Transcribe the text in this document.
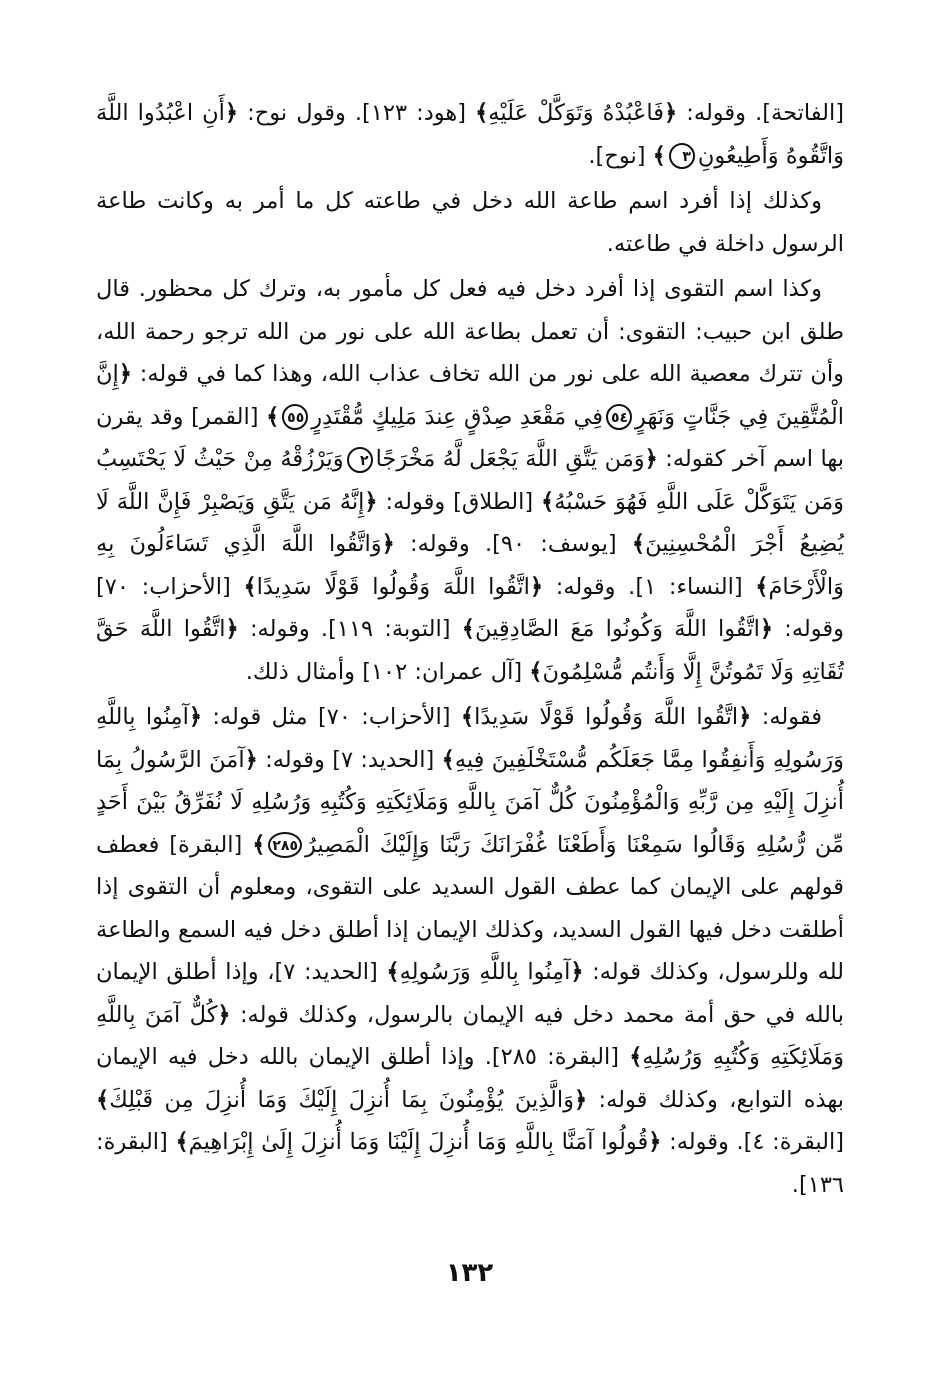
[الفاتحة]. وقوله: ﴿فَاعْبُدْهُ وَتَوَكَّلْ عَلَيْهِ﴾ [هود: ١٢٣]. وقول نوح: ﴿أَنِ اعْبُدُوا اللَّهَ وَاتَّقُوهُ وَأَطِيعُونِ٣﴾ [نوح].

وكذلك إذا أفرد اسم طاعة الله دخل في طاعته كل ما أمر به وكانت طاعة الرسول داخلة في طاعته.

وكذا اسم التقوى إذا أفرد دخل فيه فعل كل مأمور به، وترك كل محظور. قال طلق ابن حبيب: التقوى: أن تعمل بطاعة الله على نور من الله ترجو رحمة الله، وأن تترك معصية الله على نور من الله تخاف عذاب الله، وهذا كما في قوله: ﴿إِنَّ الْمُتَّقِينَ فِي جَنَّاتٍ وَنَهَرٍ٥٤فِي مَقْعَدِ صِدْقٍ عِندَ مَلِيكٍ مُّقْتَدِرٍ٥٥﴾ [القمر] وقد يقرن بها اسم آخر كقوله: ﴿وَمَن يَتَّقِ اللَّهَ يَجْعَل لَّهُ مَخْرَجًا٢وَيَرْزُقْهُ مِنْ حَيْثُ لَا يَحْتَسِبُ وَمَن يَتَوَكَّلْ عَلَى اللَّهِ فَهُوَ حَسْبُهُ﴾ [الطلاق] وقوله: ﴿إِنَّهُ مَن يَتَّقِ وَيَصْبِرْ فَإِنَّ اللَّهَ لَا يُضِيعُ أَجْرَ الْمُحْسِنِينَ﴾ [يوسف: ٩٠]. وقوله: ﴿وَاتَّقُوا اللَّهَ الَّذِي تَسَاءَلُونَ بِهِ وَالْأَرْحَامَ﴾ [النساء: ١]. وقوله: ﴿اتَّقُوا اللَّهَ وَقُولُوا قَوْلًا سَدِيدًا﴾ [الأحزاب: ٧٠] وقوله: ﴿اتَّقُوا اللَّهَ وَكُونُوا مَعَ الصَّادِقِينَ﴾ [التوبة: ١١٩]. وقوله: ﴿اتَّقُوا اللَّهَ حَقَّ تُقَاتِهِ وَلَا تَمُوتُنَّ إِلَّا وَأَنتُم مُّسْلِمُونَ﴾ [آل عمران: ١٠٢] وأمثال ذلك.

فقوله: ﴿اتَّقُوا اللَّهَ وَقُولُوا قَوْلًا سَدِيدًا﴾ [الأحزاب: ٧٠] مثل قوله: ﴿آمِنُوا بِاللَّهِ وَرَسُولِهِ وَأَنفِقُوا مِمَّا جَعَلَكُم مُّسْتَخْلَفِينَ فِيهِ﴾ [الحديد: ٧] وقوله: ﴿آمَنَ الرَّسُولُ بِمَا أُنزِلَ إِلَيْهِ مِن رَّبِّهِ وَالْمُؤْمِنُونَ كُلٌّ آمَنَ بِاللَّهِ وَمَلَائِكَتِهِ وَكُتُبِهِ وَرُسُلِهِ لَا نُفَرِّقُ بَيْنَ أَحَدٍ مِّن رُّسُلِهِ وَقَالُوا سَمِعْنَا وَأَطَعْنَا غُفْرَانَكَ رَبَّنَا وَإِلَيْكَ الْمَصِيرُ٢٨٥﴾ [البقرة] فعطف قولهم على الإيمان كما عطف القول السديد على التقوى، ومعلوم أن التقوى إذا أطلقت دخل فيها القول السديد، وكذلك الإيمان إذا أطلق دخل فيه السمع والطاعة لله وللرسول، وكذلك قوله: ﴿آمِنُوا بِاللَّهِ وَرَسُولِهِ﴾ [الحديد: ٧]، وإذا أطلق الإيمان بالله في حق أمة محمد دخل فيه الإيمان بالرسول، وكذلك قوله: ﴿كُلٌّ آمَنَ بِاللَّهِ وَمَلَائِكَتِهِ وَكُتُبِهِ وَرُسُلِهِ﴾ [البقرة: ٢٨٥]. وإذا أطلق الإيمان بالله دخل فيه الإيمان بهذه التوابع، وكذلك قوله: ﴿وَالَّذِينَ يُؤْمِنُونَ بِمَا أُنزِلَ إِلَيْكَ وَمَا أُنزِلَ مِن قَبْلِكَ﴾ [البقرة: ٤]. وقوله: ﴿قُولُوا آمَنَّا بِاللَّهِ وَمَا أُنزِلَ إِلَيْنَا وَمَا أُنزِلَ إِلَىٰ إِبْرَاهِيمَ﴾ [البقرة: ١٣٦].

١٣٢
